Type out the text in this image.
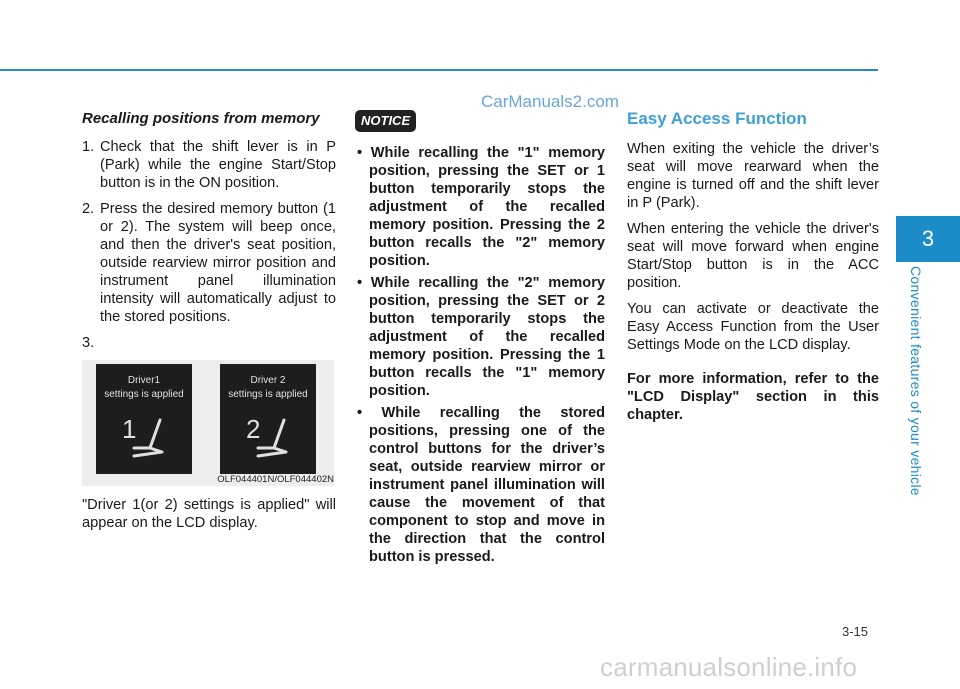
CarManuals2.com
3
Convenient features of your vehicle
Recalling positions from memory
1. Check that the shift lever is in P (Park) while the engine Start/Stop button is in the ON position.
2. Press the desired memory button (1 or 2). The system will beep once, and then the driver's seat position, outside rearview mirror position and instrument panel illumination intensity will automatically adjust to the stored positions.
3.
Driver1
settings is applied
1
Driver 2
settings is applied
2
OLF044401N/OLF044402N
"Driver 1(or 2) settings is applied" will appear on the LCD display.
NOTICE
• While recalling the "1" memory position, pressing the SET or 1 button temporarily stops the adjustment of the recalled memory position. Pressing the 2 button recalls the "2" memory position.
• While recalling the "2" memory position, pressing the SET or 2 button temporarily stops the adjustment of the recalled memory position. Pressing the 1 button recalls the "1" memory position.
• While recalling the stored positions, pressing one of the control buttons for the driver’s seat, outside rearview mirror or instrument panel illumination will cause the movement of that component to stop and move in the direction that the control button is pressed.
Easy Access Function
When exiting the vehicle the driver’s seat will move rearward when the engine is turned off and the shift lever in P (Park).
When entering the vehicle the driver's seat will move forward when engine Start/Stop button is in the ACC position.
You can activate or deactivate the Easy Access Function from the User Settings Mode on the LCD display.
For more information, refer to the "LCD Display" section in this chapter.
3-15
carmanualsonline.info
